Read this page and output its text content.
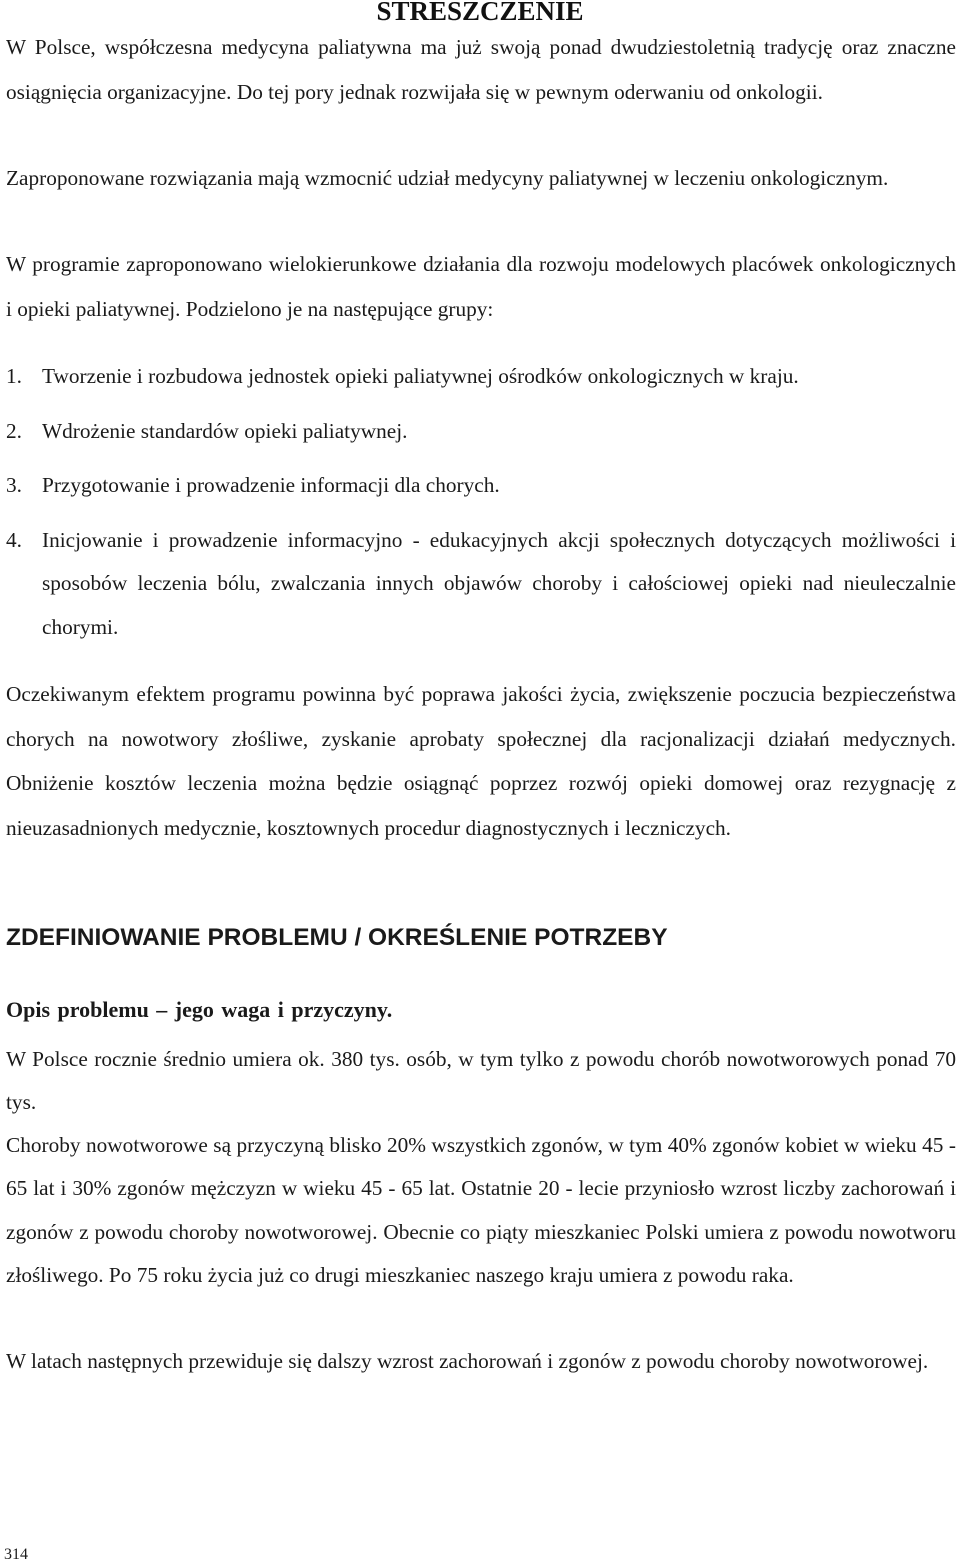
STRESZCZENIE

W Polsce, współczesna medycyna paliatywna ma już swoją ponad dwudziestoletnią tradycję oraz znaczne osiągnięcia organizacyjne. Do tej pory jednak rozwijała się w pewnym oderwaniu od onkologii.

Zaproponowane rozwiązania mają wzmocnić udział medycyny paliatywnej w leczeniu onkologicznym.

W programie zaproponowano wielokierunkowe działania dla rozwoju modelowych placówek onkologicznych i opieki paliatywnej. Podzielono je na następujące grupy:

1. Tworzenie i rozbudowa jednostek opieki paliatywnej ośrodków onkologicznych w kraju.
2. Wdrożenie standardów opieki paliatywnej.
3. Przygotowanie i prowadzenie informacji dla chorych.
4. Inicjowanie i prowadzenie informacyjno - edukacyjnych akcji społecznych dotyczących możliwości i sposobów leczenia bólu, zwalczania innych objawów choroby i całościowej opieki nad nieuleczalnie chorymi.

Oczekiwanym efektem programu powinna być poprawa jakości życia, zwiększenie poczucia bezpieczeństwa chorych na nowotwory złośliwe, zyskanie aprobaty społecznej dla racjonalizacji działań medycznych. Obniżenie kosztów leczenia można będzie osiągnąć poprzez rozwój opieki domowej oraz rezygnację z nieuzasadnionych medycznie, kosztownych procedur diagnostycznych i leczniczych.

ZDEFINIOWANIE PROBLEMU / OKREŚLENIE POTRZEBY
Opis problemu – jego waga i przyczyny.

W Polsce rocznie średnio umiera ok. 380 tys. osób, w tym tylko z powodu chorób nowotworowych ponad 70 tys.

Choroby nowotworowe są przyczyną blisko 20% wszystkich zgonów, w tym 40% zgonów kobiet w wieku 45 - 65 lat i 30% zgonów mężczyzn w wieku 45 - 65 lat. Ostatnie 20 - lecie przyniosło wzrost liczby zachorowań i zgonów z powodu choroby nowotworowej. Obecnie co piąty mieszkaniec Polski umiera z powodu nowotworu złośliwego. Po 75 roku życia już co drugi mieszkaniec naszego kraju umiera z powodu raka.

W latach następnych przewiduje się dalszy wzrost zachorowań i zgonów z powodu choroby nowotworowej.

314
